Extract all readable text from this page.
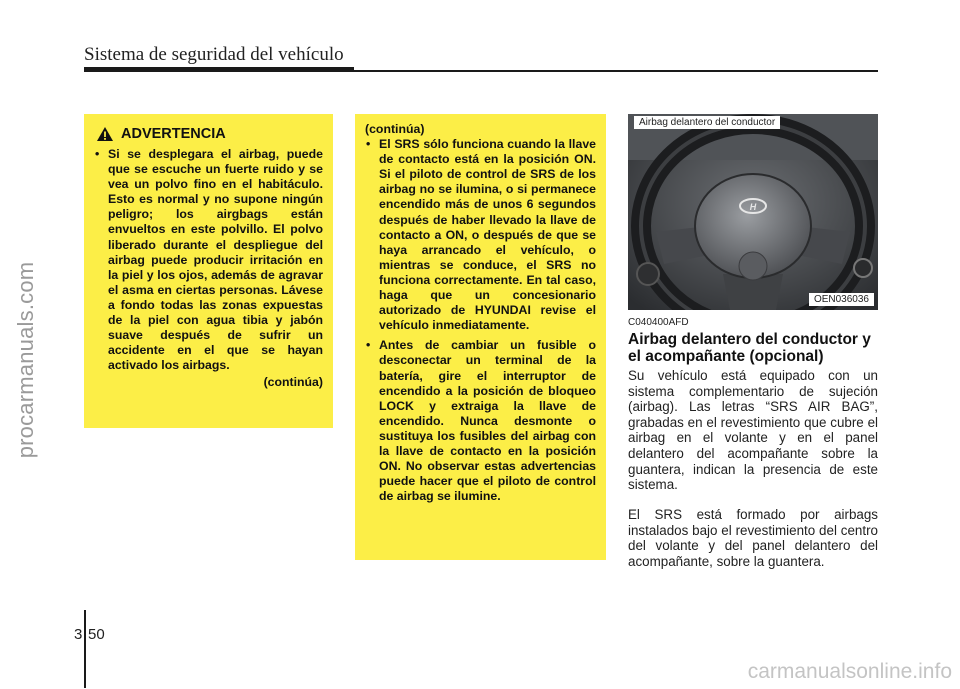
Sistema de seguridad del vehículo
procarmanuals.com
ADVERTENCIA
• Si se desplegara el airbag, puede que se escuche un fuerte ruido y se vea un polvo fino en el habitáculo. Esto es normal y no supone ningún peligro; los airgbags están envueltos en este polvillo. El polvo liberado durante el despliegue del airbag puede producir irritación en la piel y los ojos, además de agravar el asma en ciertas personas. Lávese a fondo todas las zonas expuestas de la piel con agua tibia y jabón suave después de sufrir un accidente en el que se hayan activado los airbags.
(continúa)
(continúa)
• El SRS sólo funciona cuando la llave de contacto está en la posición ON. Si el piloto de control de SRS de los airbag no se ilumina, o si permanece encendido más de unos 6 segundos después de haber llevado la llave de contacto a ON, o después de que se haya arrancado el vehículo, o mientras se conduce, el SRS no funciona correctamente. En tal caso, haga que un concesionario autorizado de HYUNDAI revise el vehículo inmediatamente.
• Antes de cambiar un fusible o desconectar un terminal de la batería, gire el interruptor de encendido a la posición de bloqueo LOCK y extraiga la llave de encendido. Nunca desmonte o sustituya los fusibles del airbag con la llave de contacto en la posición ON. No observar estas advertencias puede hacer que el piloto de control de airbag se ilumine.
H
Airbag delantero del conductor
OEN036036
C040400AFD
Airbag delantero del conductor y el acompañante (opcional)

Su vehículo está equipado con un sistema complementario de sujeción (airbag). Las letras “SRS AIR BAG”, grabadas en el revestimiento que cubre el airbag en el volante y en el panel delantero del acompañante sobre la guantera, indican la presencia de este sistema.

El SRS está formado por airbags instalados bajo el revestimiento del centro del volante y del panel delantero del acompañante, sobre la guantera.

3 50
carmanualsonline.info
